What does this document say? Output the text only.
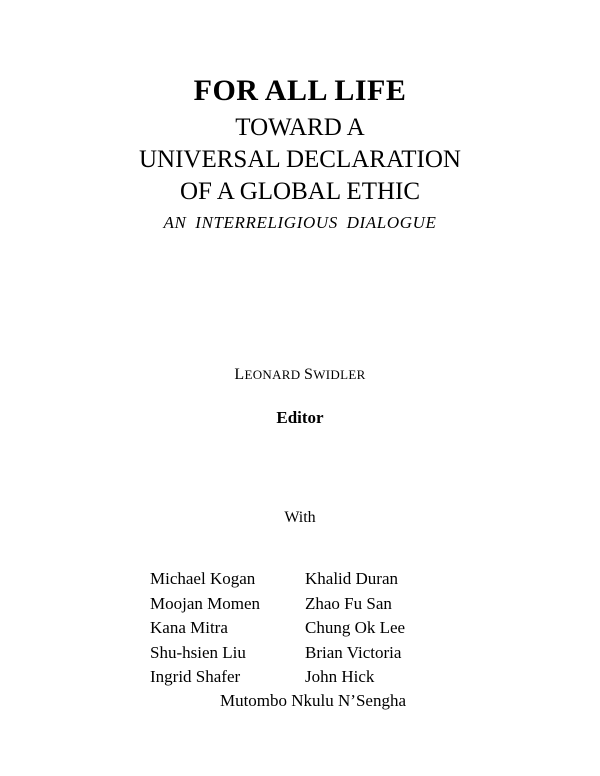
FOR ALL LIFE
TOWARD A
UNIVERSAL DECLARATION
OF A GLOBAL ETHIC
AN INTERRELIGIOUS DIALOGUE
LEONARD SWIDLER
Editor
With
Michael Kogan	Khalid Duran
Moojan Momen	Zhao Fu San
Kana Mitra	Chung Ok Lee
Shu-hsien Liu	Brian Victoria
Ingrid Shafer	John Hick
Mutombo Nkulu N’Sengha
